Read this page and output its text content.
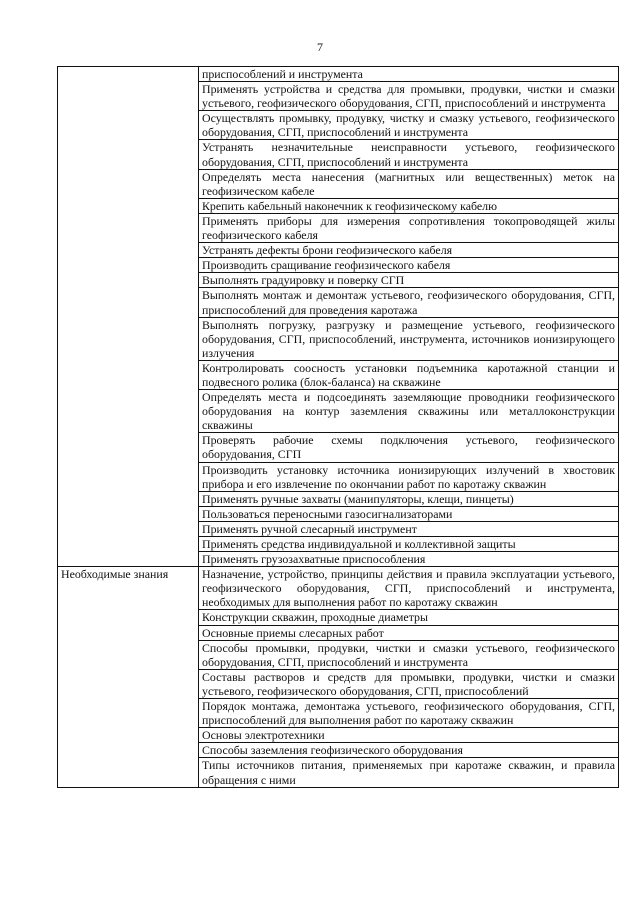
7
	приспособлений и инструмента
	Применять устройства и средства для промывки, продувки, чистки и смазки устьевого, геофизического оборудования, СГП, приспособлений и инструмента
	Осуществлять промывку, продувку, чистку и смазку устьевого, геофизического оборудования, СГП, приспособлений и инструмента
	Устранять незначительные неисправности устьевого, геофизического оборудования, СГП, приспособлений и инструмента
	Определять места нанесения (магнитных или вещественных) меток на геофизическом кабеле
	Крепить кабельный наконечник к геофизическому кабелю
	Применять приборы для измерения сопротивления токопроводящей жилы геофизического кабеля
	Устранять дефекты брони геофизического кабеля
	Производить сращивание геофизического кабеля
	Выполнять градуировку и поверку СГП
	Выполнять монтаж и демонтаж устьевого, геофизического оборудования, СГП, приспособлений для проведения каротажа
	Выполнять погрузку, разгрузку и размещение устьевого, геофизического оборудования, СГП, приспособлений, инструмента, источников ионизирующего излучения
	Контролировать соосность установки подъемника каротажной станции и подвесного ролика (блок-баланса) на скважине
	Определять места и подсоединять заземляющие проводники геофизического оборудования на контур заземления скважины или металлоконструкции скважины
	Проверять рабочие схемы подключения устьевого, геофизического оборудования, СГП
	Производить установку источника ионизирующих излучений в хвостовик прибора и его извлечение по окончании работ по каротажу скважин
	Применять ручные захваты (манипуляторы, клещи, пинцеты)
	Пользоваться переносными газосигнализаторами
	Применять ручной слесарный инструмент
	Применять средства индивидуальной и коллективной защиты
	Применять грузозахватные приспособления
Необходимые знания	Назначение, устройство, принципы действия и правила эксплуатации устьевого, геофизического оборудования, СГП, приспособлений и инструмента, необходимых для выполнения работ по каротажу скважин
	Конструкции скважин, проходные диаметры
	Основные приемы слесарных работ
	Способы промывки, продувки, чистки и смазки устьевого, геофизического оборудования, СГП, приспособлений и инструмента
	Составы растворов и средств для промывки, продувки, чистки и смазки устьевого, геофизического оборудования, СГП, приспособлений
	Порядок монтажа, демонтажа устьевого, геофизического оборудования, СГП, приспособлений для выполнения работ по каротажу скважин
	Основы электротехники
	Способы заземления геофизического оборудования
	Типы источников питания, применяемых при каротаже скважин, и правила обращения с ними
